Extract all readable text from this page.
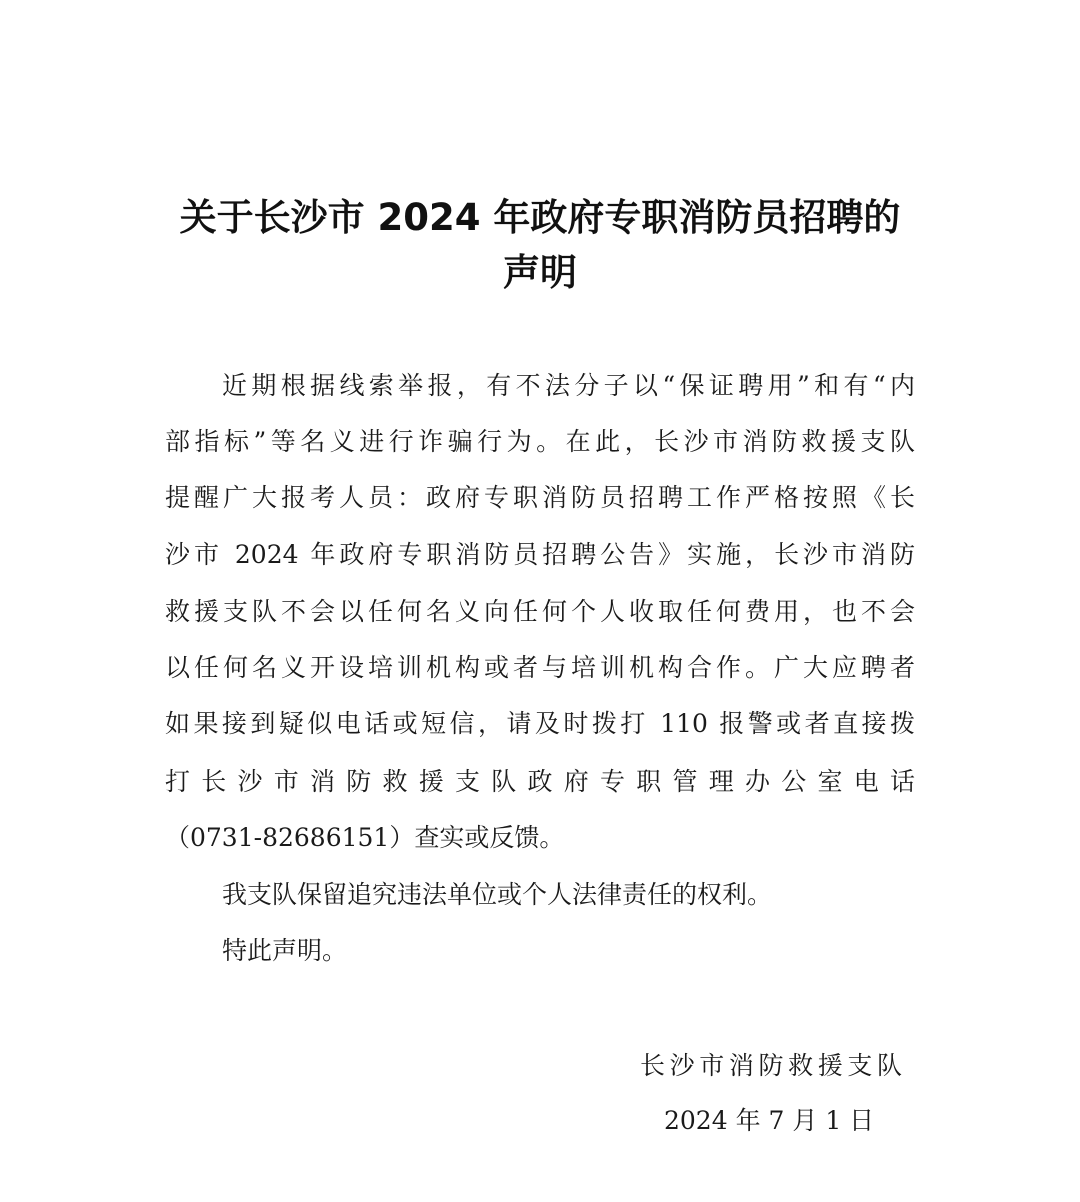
关于长沙市 2024 年政府专职消防员招聘的
声明
近期根据线索举报，有不法分子以“保证聘用”和有“内
部指标”等名义进行诈骗行为。在此，长沙市消防救援支队
提醒广大报考人员：政府专职消防员招聘工作严格按照《长
沙市 2024 年政府专职消防员招聘公告》实施，长沙市消防
救援支队不会以任何名义向任何个人收取任何费用，也不会
以任何名义开设培训机构或者与培训机构合作。广大应聘者
如果接到疑似电话或短信，请及时拨打 110 报警或者直接拨
打长沙市消防救援支队政府专职管理办公室电话
（0731-82686151）查实或反馈。
我支队保留追究违法单位或个人法律责任的权利。
特此声明。
长沙市消防救援支队
2024 年 7 月 1 日
